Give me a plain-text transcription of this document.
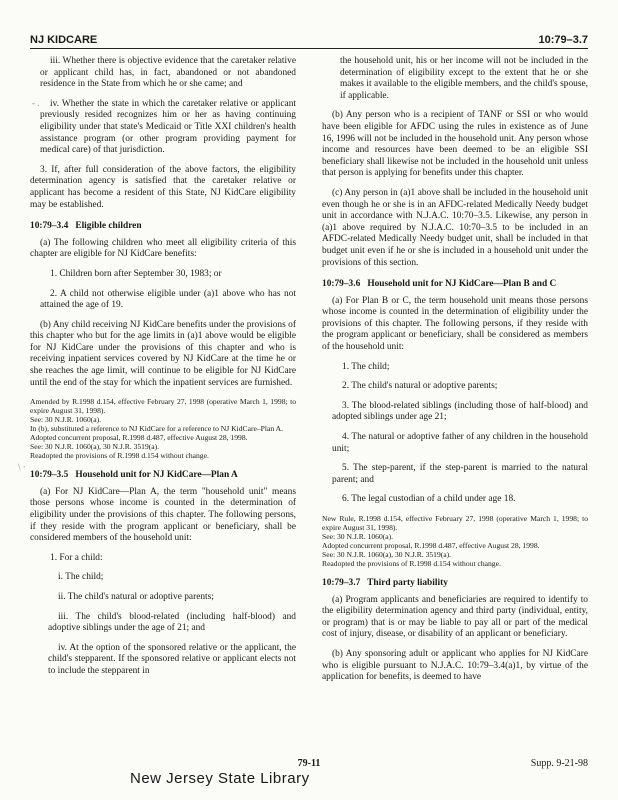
NJ KIDCARE	10:79–3.7

iii. Whether there is objective evidence that the caretaker relative or applicant child has, in fact, abandoned or not abandoned residence in the State from which he or she came; and

iv. Whether the state in which the caretaker relative or applicant previously resided recognizes him or her as having continuing eligibility under that state's Medicaid or Title XXI children's health assistance program (or other program providing payment for medical care) of that jurisdiction.

3. If, after full consideration of the above factors, the eligibility determination agency is satisfied that the caretaker relative or applicant has become a resident of this State, NJ KidCare eligibility may be established.

10:79–3.4 Eligible children

(a) The following children who meet all eligibility criteria of this chapter are eligible for NJ KidCare benefits:

1. Children born after September 30, 1983; or

2. A child not otherwise eligible under (a)1 above who has not attained the age of 19.

(b) Any child receiving NJ KidCare benefits under the provisions of this chapter who but for the age limits in (a)1 above would be eligible for NJ KidCare under the provisions of this chapter and who is receiving inpatient services covered by NJ KidCare at the time he or she reaches the age limit, will continue to be eligible for NJ KidCare until the end of the stay for which the inpatient services are furnished.

Amended by R.1998 d.154, effective February 27, 1998 (operative March 1, 1998; to expire August 31, 1998).

See: 30 N.J.R. 1060(a).

In (b), substituted a reference to NJ KidCare for a reference to NJ KidCare–Plan A.

Adopted concurrent proposal, R.1998 d.487, effective August 28, 1998.

See: 30 N.J.R. 1060(a), 30 N.J.R. 3519(a).

Readopted the provisions of R.1998 d.154 without change.

10:79–3.5 Household unit for NJ KidCare—Plan A

(a) For NJ KidCare—Plan A, the term "household unit" means those persons whose income is counted in the determination of eligibility under the provisions of this chapter. The following persons, if they reside with the program applicant or beneficiary, shall be considered members of the household unit:

1. For a child:

i. The child;

ii. The child's natural or adoptive parents;

iii. The child's blood-related (including half-blood) and adoptive siblings under the age of 21; and

iv. At the option of the sponsored relative or the applicant, the child's stepparent. If the sponsored relative or applicant elects not to include the stepparent in

the household unit, his or her income will not be included in the determination of eligibility except to the extent that he or she makes it available to the eligible members, and the child's spouse, if applicable.

(b) Any person who is a recipient of TANF or SSI or who would have been eligible for AFDC using the rules in existence as of June 16, 1996 will not be included in the household unit. Any person whose income and resources have been deemed to be an eligible SSI beneficiary shall likewise not be included in the household unit unless that person is applying for benefits under this chapter.

(c) Any person in (a)1 above shall be included in the household unit even though he or she is in an AFDC-related Medically Needy budget unit in accordance with N.J.A.C. 10:70–3.5. Likewise, any person in (a)1 above required by N.J.A.C. 10:70–3.5 to be included in an AFDC-related Medically Needy budget unit, shall be included in that budget unit even if he or she is included in a household unit under the provisions of this section.

10:79–3.6 Household unit for NJ KidCare—Plan B and C

(a) For Plan B or C, the term household unit means those persons whose income is counted in the determination of eligibility under the provisions of this chapter. The following persons, if they reside with the program applicant or beneficiary, shall be considered as members of the household unit:

1. The child;

2. The child's natural or adoptive parents;

3. The blood-related siblings (including those of half-blood) and adopted siblings under age 21;

4. The natural or adoptive father of any children in the household unit;

5. The step-parent, if the step-parent is married to the natural parent; and

6. The legal custodian of a child under age 18.

New Rule, R.1998 d.154, effective February 27, 1998 (operative March 1, 1998; to expire August 31, 1998).

See: 30 N.J.R. 1060(a).

Adopted concurrent proposal, R.1998 d.487, effective August 28, 1998.

See: 30 N.J.R. 1060(a), 30 N.J.R. 3519(a).

Readopted the provisions of R.1998 d.154 without change.

10:79–3.7 Third party liability

(a) Program applicants and beneficiaries are required to identify to the eligibility determination agency and third party (individual, entity, or program) that is or may be liable to pay all or part of the medical cost of injury, disease, or disability of an applicant or beneficiary.

(b) Any sponsoring adult or applicant who applies for NJ KidCare who is eligible pursuant to N.J.A.C. 10:79–3.4(a)1, by virtue of the application for benefits, is deemed to have

- .
\ ·
79-11	Supp. 9-21-98
New Jersey State Library
